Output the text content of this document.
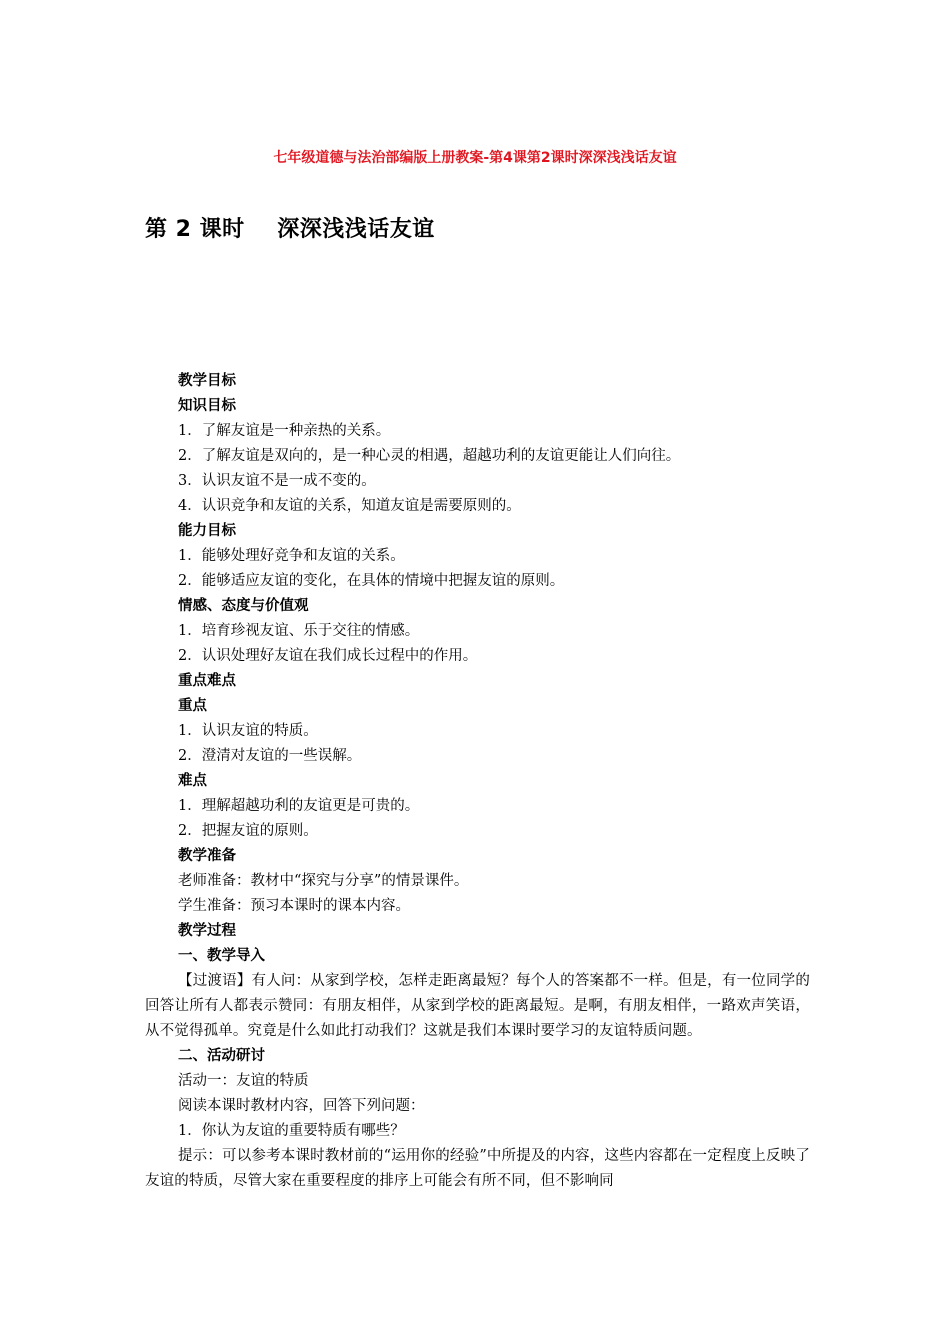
七年级道德与法治部编版上册教案-第4课第2课时深深浅浅话友谊
第 2 课时    深深浅浅话友谊
教学目标
知识目标
1．了解友谊是一种亲热的关系。
2．了解友谊是双向的，是一种心灵的相遇，超越功利的友谊更能让人们向往。
3．认识友谊不是一成不变的。
4．认识竞争和友谊的关系，知道友谊是需要原则的。
能力目标
1．能够处理好竞争和友谊的关系。
2．能够适应友谊的变化，在具体的情境中把握友谊的原则。
情感、态度与价值观
1．培育珍视友谊、乐于交往的情感。
2．认识处理好友谊在我们成长过程中的作用。
重点难点
重点
1．认识友谊的特质。
2．澄清对友谊的一些误解。
难点
1．理解超越功利的友谊更是可贵的。
2．把握友谊的原则。
教学准备
老师准备：教材中“探究与分享”的情景课件。
学生准备：预习本课时的课本内容。
教学过程
一、教学导入
【过渡语】有人问：从家到学校，怎样走距离最短？每个人的答案都不一样。但是，有一位同学的回答让所有人都表示赞同：有朋友相伴，从家到学校的距离最短。是啊，有朋友相伴，一路欢声笑语，从不觉得孤单。究竟是什么如此打动我们？这就是我们本课时要学习的友谊特质问题。
二、活动研讨
活动一：友谊的特质
阅读本课时教材内容，回答下列问题：
1．你认为友谊的重要特质有哪些？
提示：可以参考本课时教材前的“运用你的经验”中所提及的内容，这些内容都在一定程度上反映了友谊的特质，尽管大家在重要程度的排序上可能会有所不同，但不影响同
